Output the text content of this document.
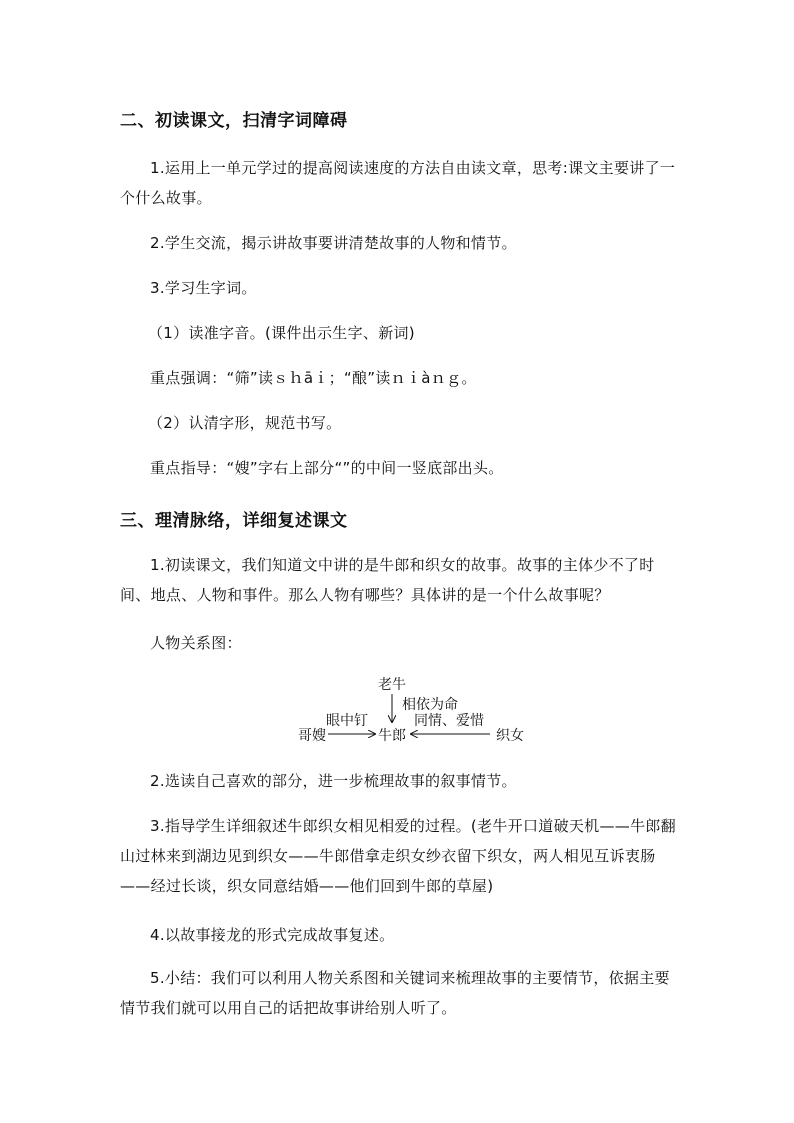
二、初读课文，扫清字词障碍

1.运用上一单元学过的提高阅读速度的方法自由读文章，思考:课文主要讲了一个什么故事。

2.学生交流，揭示讲故事要讲清楚故事的人物和情节。

3.学习生字词。

（1）读准字音。(课件出示生字、新词)
重点强调：“筛”读ｓｈāｉ；“酿”读ｎｉàｎｇ。
（2）认清字形，规范书写。
重点指导：“嫂”字右上部分“”的中间一竖底部出头。
三、理清脉络，详细复述课文

1.初读课文，我们知道文中讲的是牛郎和织女的故事。故事的主体少不了时间、地点、人物和事件。那么人物有哪些？具体讲的是一个什么故事呢？

人物关系图：
老牛
相依为命
眼中钉	同情、爱惜
哥嫂	牛郎	织女

2.选读自己喜欢的部分，进一步梳理故事的叙事情节。

3.指导学生详细叙述牛郎织女相见相爱的过程。(老牛开口道破天机——牛郎翻山过林来到湖边见到织女——牛郎借拿走织女纱衣留下织女，两人相见互诉衷肠——经过长谈，织女同意结婚——他们回到牛郎的草屋)

4.以故事接龙的形式完成故事复述。

5.小结：我们可以利用人物关系图和关键词来梳理故事的主要情节，依据主要情节我们就可以用自己的话把故事讲给别人听了。
